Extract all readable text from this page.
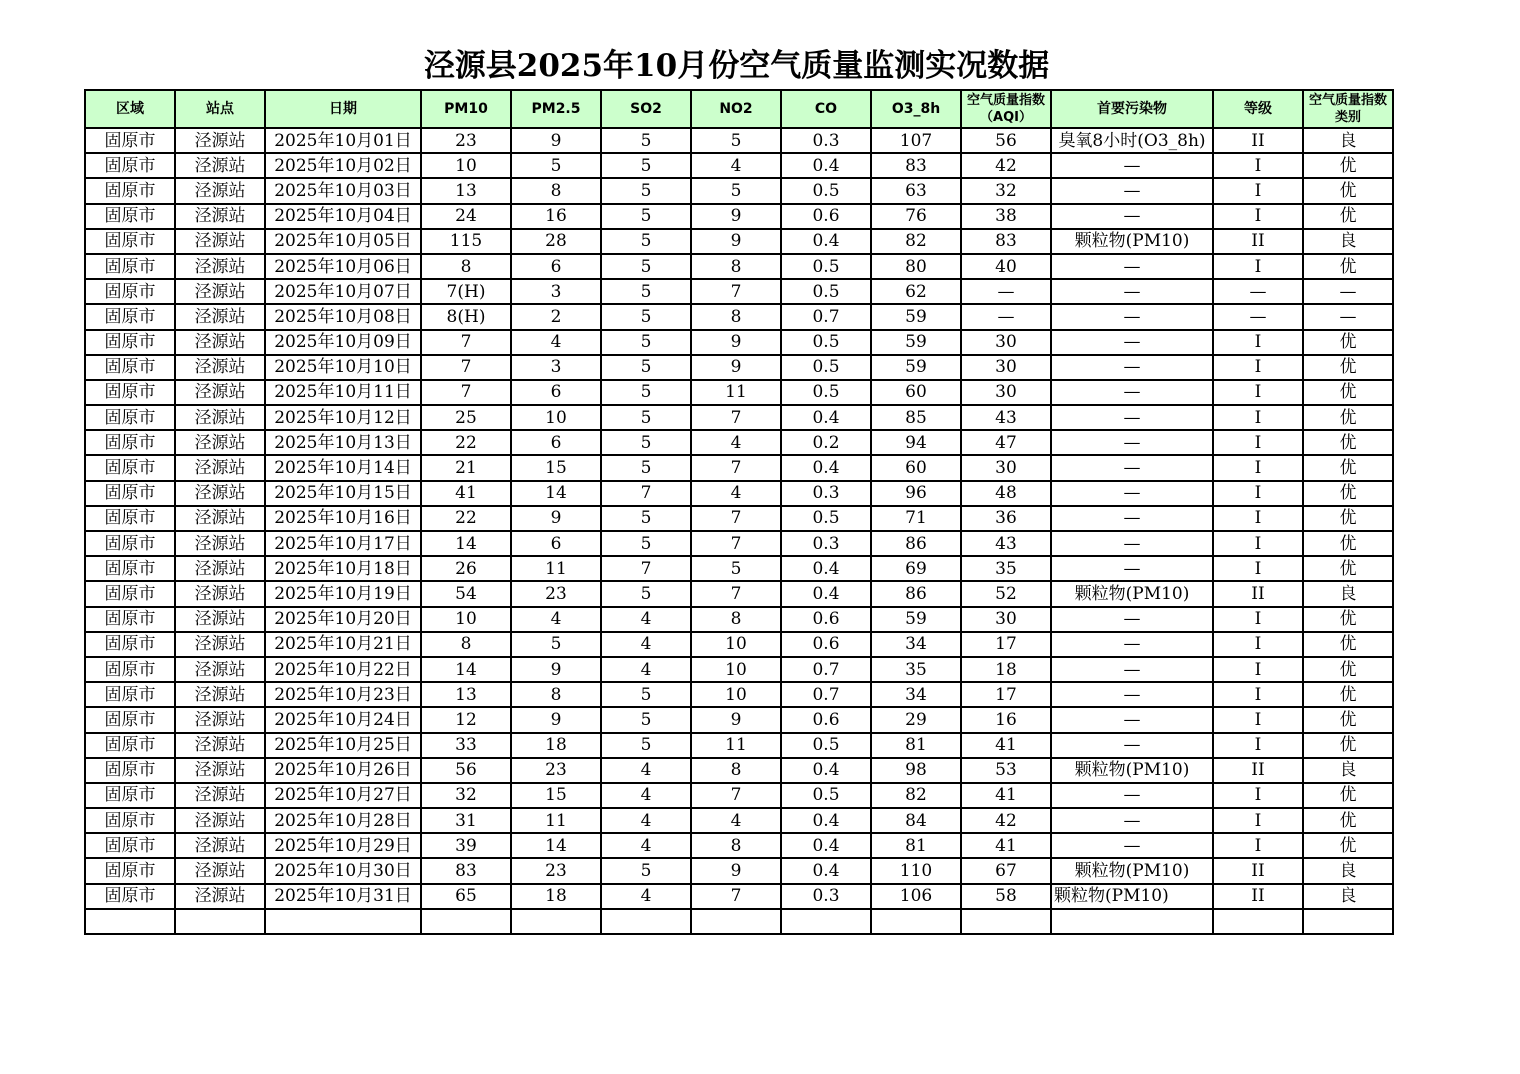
泾源县2025年10月份空气质量监测实况数据
区域	站点	日期	PM10	PM2.5	SO2	NO2	CO	O3_8h	空气质量指数（AQI）	首要污染物	等级	空气质量指数类别
固原市	泾源站	2025年10月01日	23	9	5	5	0.3	107	56	臭氧8小时(O3_8h)	II	良
固原市	泾源站	2025年10月02日	10	5	5	4	0.4	83	42	—	I	优
固原市	泾源站	2025年10月03日	13	8	5	5	0.5	63	32	—	I	优
固原市	泾源站	2025年10月04日	24	16	5	9	0.6	76	38	—	I	优
固原市	泾源站	2025年10月05日	115	28	5	9	0.4	82	83	颗粒物(PM10)	II	良
固原市	泾源站	2025年10月06日	8	6	5	8	0.5	80	40	—	I	优
固原市	泾源站	2025年10月07日	7(H)	3	5	7	0.5	62	—	—	—	—
固原市	泾源站	2025年10月08日	8(H)	2	5	8	0.7	59	—	—	—	—
固原市	泾源站	2025年10月09日	7	4	5	9	0.5	59	30	—	I	优
固原市	泾源站	2025年10月10日	7	3	5	9	0.5	59	30	—	I	优
固原市	泾源站	2025年10月11日	7	6	5	11	0.5	60	30	—	I	优
固原市	泾源站	2025年10月12日	25	10	5	7	0.4	85	43	—	I	优
固原市	泾源站	2025年10月13日	22	6	5	4	0.2	94	47	—	I	优
固原市	泾源站	2025年10月14日	21	15	5	7	0.4	60	30	—	I	优
固原市	泾源站	2025年10月15日	41	14	7	4	0.3	96	48	—	I	优
固原市	泾源站	2025年10月16日	22	9	5	7	0.5	71	36	—	I	优
固原市	泾源站	2025年10月17日	14	6	5	7	0.3	86	43	—	I	优
固原市	泾源站	2025年10月18日	26	11	7	5	0.4	69	35	—	I	优
固原市	泾源站	2025年10月19日	54	23	5	7	0.4	86	52	颗粒物(PM10)	II	良
固原市	泾源站	2025年10月20日	10	4	4	8	0.6	59	30	—	I	优
固原市	泾源站	2025年10月21日	8	5	4	10	0.6	34	17	—	I	优
固原市	泾源站	2025年10月22日	14	9	4	10	0.7	35	18	—	I	优
固原市	泾源站	2025年10月23日	13	8	5	10	0.7	34	17	—	I	优
固原市	泾源站	2025年10月24日	12	9	5	9	0.6	29	16	—	I	优
固原市	泾源站	2025年10月25日	33	18	5	11	0.5	81	41	—	I	优
固原市	泾源站	2025年10月26日	56	23	4	8	0.4	98	53	颗粒物(PM10)	II	良
固原市	泾源站	2025年10月27日	32	15	4	7	0.5	82	41	—	I	优
固原市	泾源站	2025年10月28日	31	11	4	4	0.4	84	42	—	I	优
固原市	泾源站	2025年10月29日	39	14	4	8	0.4	81	41	—	I	优
固原市	泾源站	2025年10月30日	83	23	5	9	0.4	110	67	颗粒物(PM10)	II	良
固原市	泾源站	2025年10月31日	65	18	4	7	0.3	106	58	颗粒物(PM10)	II	良
